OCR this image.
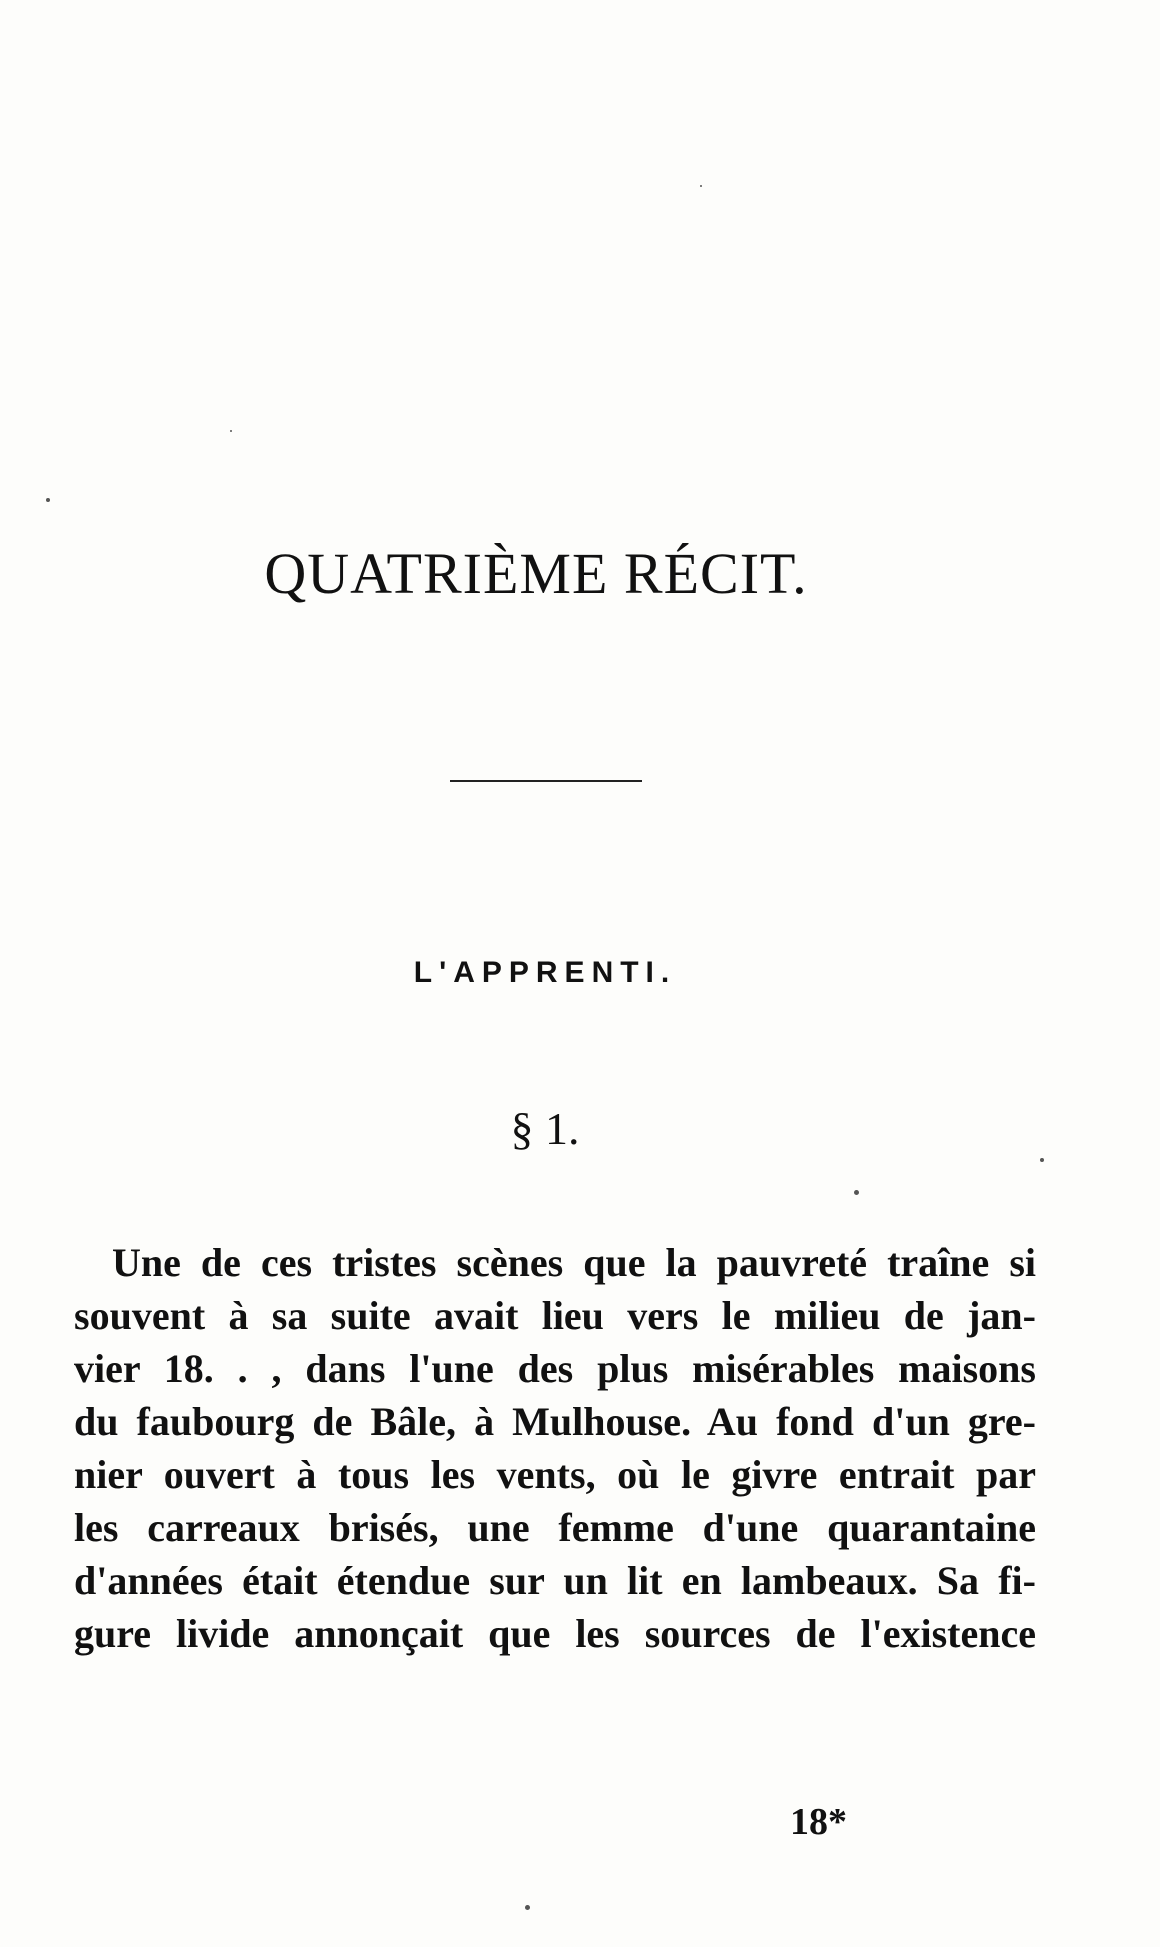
QUATRIÈME RÉCIT.
L'APPRENTI.
§ 1.
Une de ces tristes scènes que la pauvreté traîne si
souvent à sa suite avait lieu vers le milieu de jan-
vier 18. . , dans l'une des plus misérables maisons
du faubourg de Bâle, à Mulhouse. Au fond d'un gre-
nier ouvert à tous les vents, où le givre entrait par
les carreaux brisés, une femme d'une quarantaine
d'années était étendue sur un lit en lambeaux. Sa fi-
gure livide annonçait que les sources de l'existence
18*
